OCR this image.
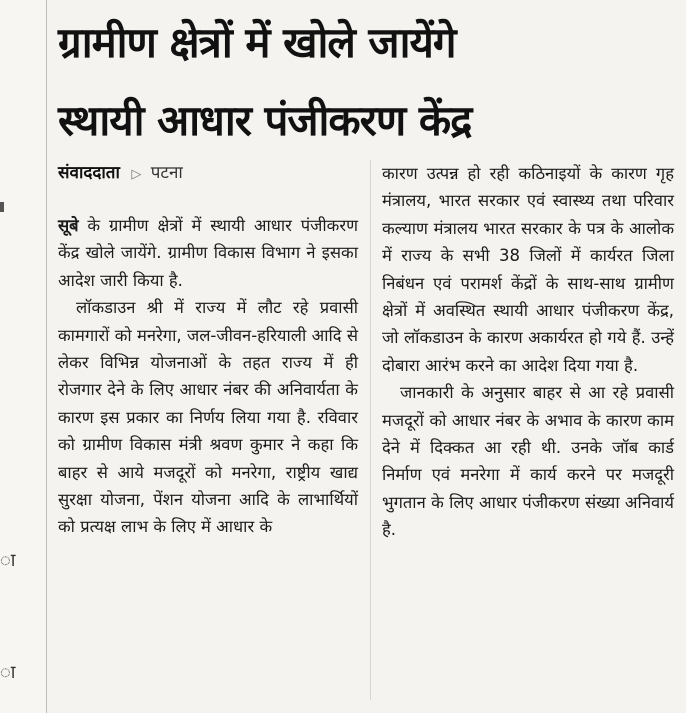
ा
ा
ग्रामीण क्षेत्रों में खोले जायेंगे
स्थायी आधार पंजीकरण केंद्र
संवाददाता ▷ पटना

सूबे के ग्रामीण क्षेत्रों में स्थायी आधार पंजीकरण केंद्र खोले जायेंगे. ग्रामीण विकास विभाग ने इसका आदेश जारी किया है.

लॉकडाउन श्री में राज्य में लौट रहे प्रवासी कामगारों को मनरेगा, जल-जीवन-हरियाली आदि से लेकर विभिन्न योजनाओं के तहत राज्य में ही रोजगार देने के लिए आधार नंबर की अनिवार्यता के कारण इस प्रकार का निर्णय लिया गया है. रविवार को ग्रामीण विकास मंत्री श्रवण कुमार ने कहा कि बाहर से आये मजदूरों को मनरेगा, राष्ट्रीय खाद्य सुरक्षा योजना, पेंशन योजना आदि के लाभार्थियों को प्रत्यक्ष लाभ के लिए में आधार के

कारण उत्पन्न हो रही कठिनाइयों के कारण गृह मंत्रालय, भारत सरकार एवं स्वास्थ्य तथा परिवार कल्याण मंत्रालय भारत सरकार के पत्र के आलोक में राज्य के सभी 38 जिलों में कार्यरत जिला निबंधन एवं परामर्श केंद्रों के साथ-साथ ग्रामीण क्षेत्रों में अवस्थित स्थायी आधार पंजीकरण केंद्र, जो लॉकडाउन के कारण अकार्यरत हो गये हैं. उन्हें दोबारा आरंभ करने का आदेश दिया गया है.

जानकारी के अनुसार बाहर से आ रहे प्रवासी मजदूरों को आधार नंबर के अभाव के कारण काम देने में दिक्कत आ रही थी. उनके जॉब कार्ड निर्माण एवं मनरेगा में कार्य करने पर मजदूरी भुगतान के लिए आधार पंजीकरण संख्या अनिवार्य है.
